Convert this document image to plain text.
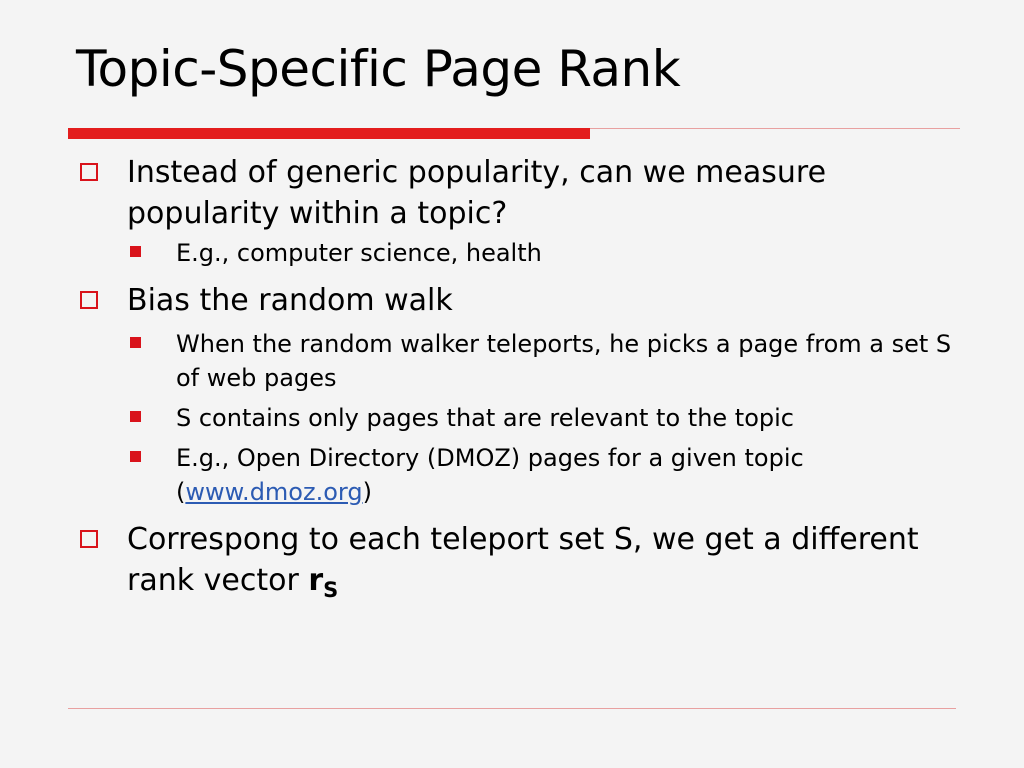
Topic-Specific Page Rank
Instead of generic popularity, can we measure popularity within a topic?
E.g., computer science, health
Bias the random walk
When the random walker teleports, he picks a page from a set S of web pages
S contains only pages that are relevant to the topic
E.g., Open Directory (DMOZ) pages for a given topic (www.dmoz.org)
Correspong to each teleport set S, we get a different rank vector $r_S$
